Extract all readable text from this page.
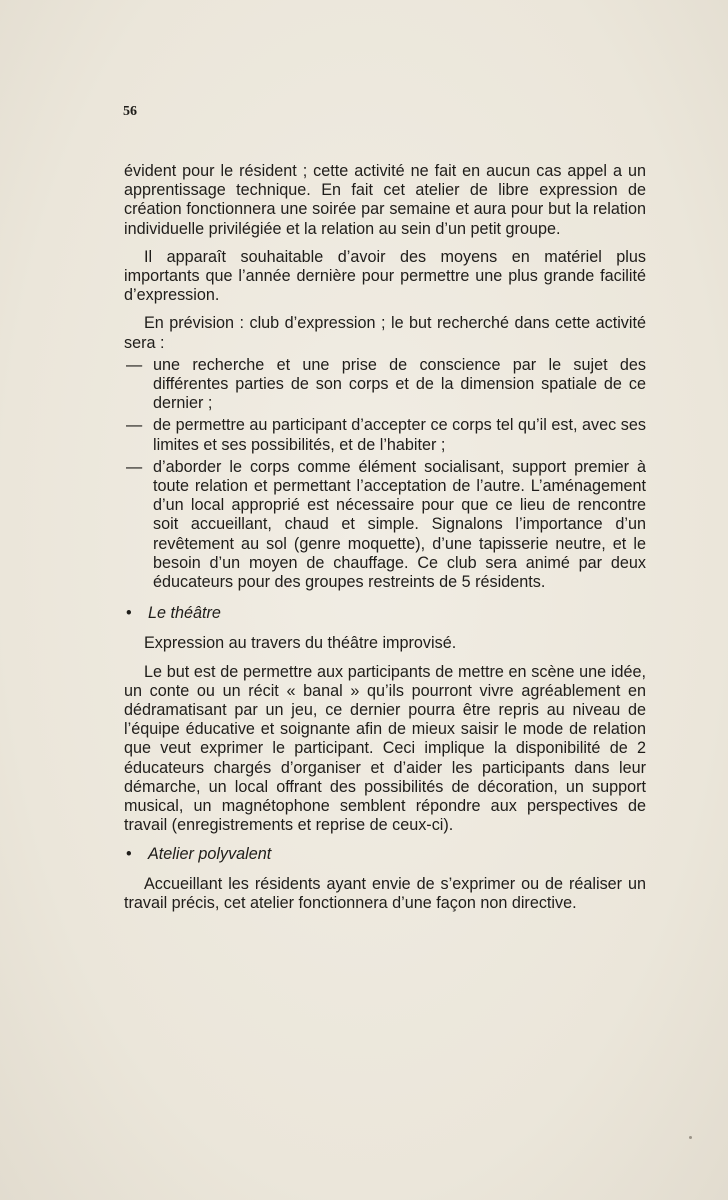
56

évident pour le résident ; cette activité ne fait en aucun cas appel a un apprentissage technique. En fait cet atelier de libre expression de création fonctionnera une soirée par semaine et aura pour but la relation individuelle privilégiée et la relation au sein d’un petit groupe.

Il apparaît souhaitable d’avoir des moyens en matériel plus importants que l’année dernière pour permettre une plus grande facilité d’expression.

En prévision : club d’expression ; le but recherché dans cette activité sera :

— une recherche et une prise de conscience par le sujet des différentes parties de son corps et de la dimension spatiale de ce dernier ;

— de permettre au participant d’accepter ce corps tel qu’il est, avec ses limites et ses possibilités, et de l’habiter ;

— d’aborder le corps comme élément socialisant, support premier à toute relation et permettant l’acceptation de l’autre. L’aménagement d’un local approprié est nécessaire pour que ce lieu de rencontre soit accueillant, chaud et simple. Signalons l’importance d’un revêtement au sol (genre moquette), d’une tapisserie neutre, et le besoin d’un moyen de chauffage. Ce club sera animé par deux éducateurs pour des groupes restreints de 5 résidents.

• Le théâtre

Expression au travers du théâtre improvisé.

Le but est de permettre aux participants de mettre en scène une idée, un conte ou un récit « banal » qu’ils pourront vivre agréablement en dédramatisant par un jeu, ce dernier pourra être repris au niveau de l’équipe éducative et soignante afin de mieux saisir le mode de relation que veut exprimer le participant. Ceci implique la disponibilité de 2 éducateurs chargés d’organiser et d’aider les participants dans leur démarche, un local offrant des possibilités de décoration, un support musical, un magnétophone semblent répondre aux perspectives de travail (enregistrements et reprise de ceux-ci).

• Atelier polyvalent

Accueillant les résidents ayant envie de s’exprimer ou de réaliser un travail précis, cet atelier fonctionnera d’une façon non directive.
